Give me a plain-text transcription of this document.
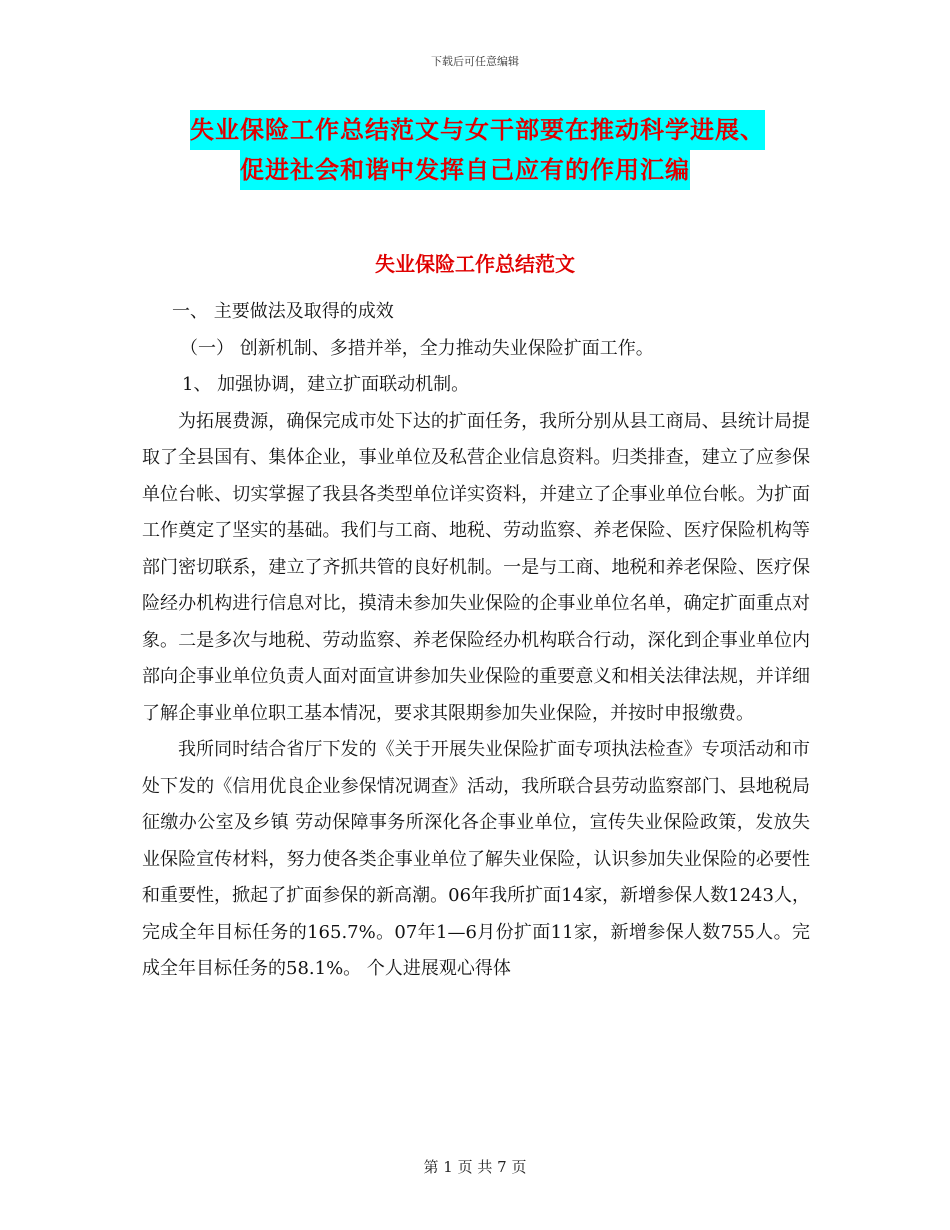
下载后可任意编辑
失业保险工作总结范文与女干部要在推动科学进展、
促进社会和谐中发挥自己应有的作用汇编
失业保险工作总结范文

一、 主要做法及取得的成效

（一） 创新机制、多措并举，全力推动失业保险扩面工作。

1、 加强协调，建立扩面联动机制。

为拓展费源，确保完成市处下达的扩面任务，我所分别从县工商局、县统计局提取了全县国有、集体企业，事业单位及私营企业信息资料。归类排查，建立了应参保单位台帐、切实掌握了我县各类型单位详实资料，并建立了企事业单位台帐。为扩面工作奠定了坚实的基础。我们与工商、地税、劳动监察、养老保险、医疗保险机构等部门密切联系，建立了齐抓共管的良好机制。一是与工商、地税和养老保险、医疗保险经办机构进行信息对比，摸清未参加失业保险的企事业单位名单，确定扩面重点对象。二是多次与地税、劳动监察、养老保险经办机构联合行动，深化到企事业单位内部向企事业单位负责人面对面宣讲参加失业保险的重要意义和相关法律法规，并详细了解企事业单位职工基本情况，要求其限期参加失业保险，并按时申报缴费。

我所同时结合省厅下发的《关于开展失业保险扩面专项执法检查》专项活动和市处下发的《信用优良企业参保情况调查》活动，我所联合县劳动监察部门、县地税局征缴办公室及乡镇 劳动保障事务所深化各企事业单位，宣传失业保险政策，发放失业保险宣传材料，努力使各类企事业单位了解失业保险，认识参加失业保险的必要性和重要性，掀起了扩面参保的新高潮。06年我所扩面14家，新增参保人数1243人，完成全年目标任务的165.7%。07年1—6月份扩面11家，新增参保人数755人。完成全年目标任务的58.1%。 个人进展观心得体

第 1 页 共 7 页
